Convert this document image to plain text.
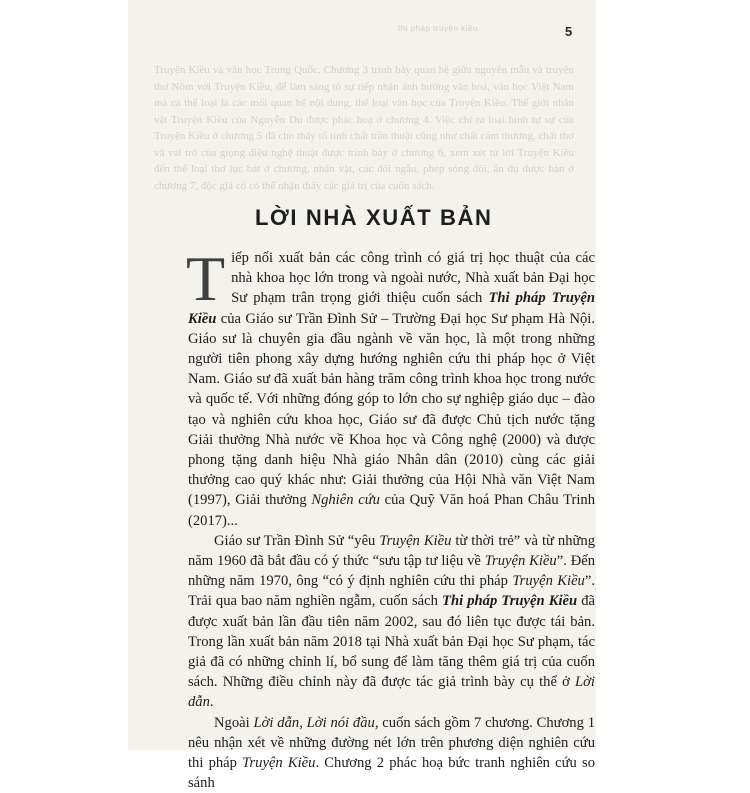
thi pháp truyện kiều
Truyện Kiều và văn học Trung Quốc. Chương 3 trình bày quan hệ giữa nguyên mẫu và truyện thơ Nôm với Truyện Kiều, để làm sáng tỏ sự tiếp nhận ảnh hưởng văn hoá, văn học Việt Nam mà cả thể loại là các mối quan hệ nội dung, thể loại văn học của Truyện Kiều. Thế giới nhân vật Truyện Kiều của Nguyễn Du được phác hoạ ở chương 4. Việc chỉ ra loại hình tự sự của Truyện Kiều ở chương 5 đã cho thấy tổ tính chất trần thuật cũng như chất cảm thương, chất thơ và vai trò của giọng điệu nghệ thuật được trình bày ở chương 6, xem xét từ lời Truyện Kiều đến thể loại thơ lục bát ở chương, nhân vật, các đối ngẫu, phép sóng đôi, ẩn dụ được bàn ở chương 7, độc giả có có thể nhận thấy các giá trị của cuốn sách.
5
LỜI NHÀ XUẤT BẢN

Tiếp nối xuất bản các công trình có giá trị học thuật của các nhà khoa học lớn trong và ngoài nước, Nhà xuất bản Đại học Sư phạm trân trọng giới thiệu cuốn sách Thi pháp Truyện Kiều của Giáo sư Trần Đình Sử – Trường Đại học Sư phạm Hà Nội. Giáo sư là chuyên gia đầu ngành về văn học, là một trong những người tiên phong xây dựng hướng nghiên cứu thi pháp học ở Việt Nam. Giáo sư đã xuất bản hàng trăm công trình khoa học trong nước và quốc tế. Với những đóng góp to lớn cho sự nghiệp giáo dục – đào tạo và nghiên cứu khoa học, Giáo sư đã được Chủ tịch nước tặng Giải thưởng Nhà nước về Khoa học và Công nghệ (2000) và được phong tặng danh hiệu Nhà giáo Nhân dân (2010) cùng các giải thưởng cao quý khác như: Giải thưởng của Hội Nhà văn Việt Nam (1997), Giải thưởng Nghiên cứu của Quỹ Văn hoá Phan Châu Trinh (2017)...

Giáo sư Trần Đình Sử “yêu Truyện Kiều từ thời trẻ” và từ những năm 1960 đã bắt đầu có ý thức “sưu tập tư liệu về Truyện Kiều”. Đến những năm 1970, ông “có ý định nghiên cứu thi pháp Truyện Kiều”. Trải qua bao năm nghiền ngẫm, cuốn sách Thi pháp Truyện Kiều đã được xuất bản lần đầu tiên năm 2002, sau đó liên tục được tái bản. Trong lần xuất bản năm 2018 tại Nhà xuất bản Đại học Sư phạm, tác giả đã có những chỉnh lí, bổ sung để làm tăng thêm giá trị của cuốn sách. Những điều chỉnh này đã được tác giả trình bày cụ thể ở Lời dẫn.

Ngoài Lời dẫn, Lời nói đầu, cuốn sách gồm 7 chương. Chương 1 nêu nhận xét về những đường nét lớn trên phương diện nghiên cứu thi pháp Truyện Kiều. Chương 2 phác hoạ bức tranh nghiên cứu so sánh
